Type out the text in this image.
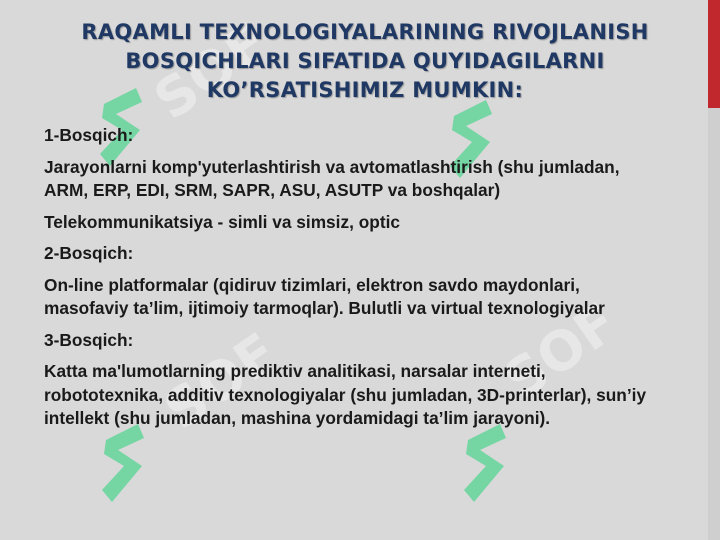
SOF
SOF	SOF
RAQAMLI TEXNOLOGIYALARINING RIVOJLANISH
BOSQICHLARI SIFATIDA QUYIDAGILARNI
KO’RSATISHIMIZ MUMKIN:

1-Bosqich:

Jarayonlarni komp'yuterlashtirish va avtomatlashtirish (shu jumladan, ARM, ERP, EDI, SRM, SAPR, ASU, ASUTP va boshqalar)

Telekommunikatsiya - simli va simsiz, optic

2-Bosqich:

On-line platformalar (qidiruv tizimlari, elektron savdo maydonlari, masofaviy ta’lim, ijtimoiy tarmoqlar). Bulutli va virtual texnologiyalar

3-Bosqich:

Katta ma'lumotlarning prediktiv analitikasi, narsalar interneti, robototexnika, additiv texnologiyalar (shu jumladan, 3D-printerlar), sun’iy intellekt (shu jumladan, mashina yordamidagi ta’lim jarayoni).
